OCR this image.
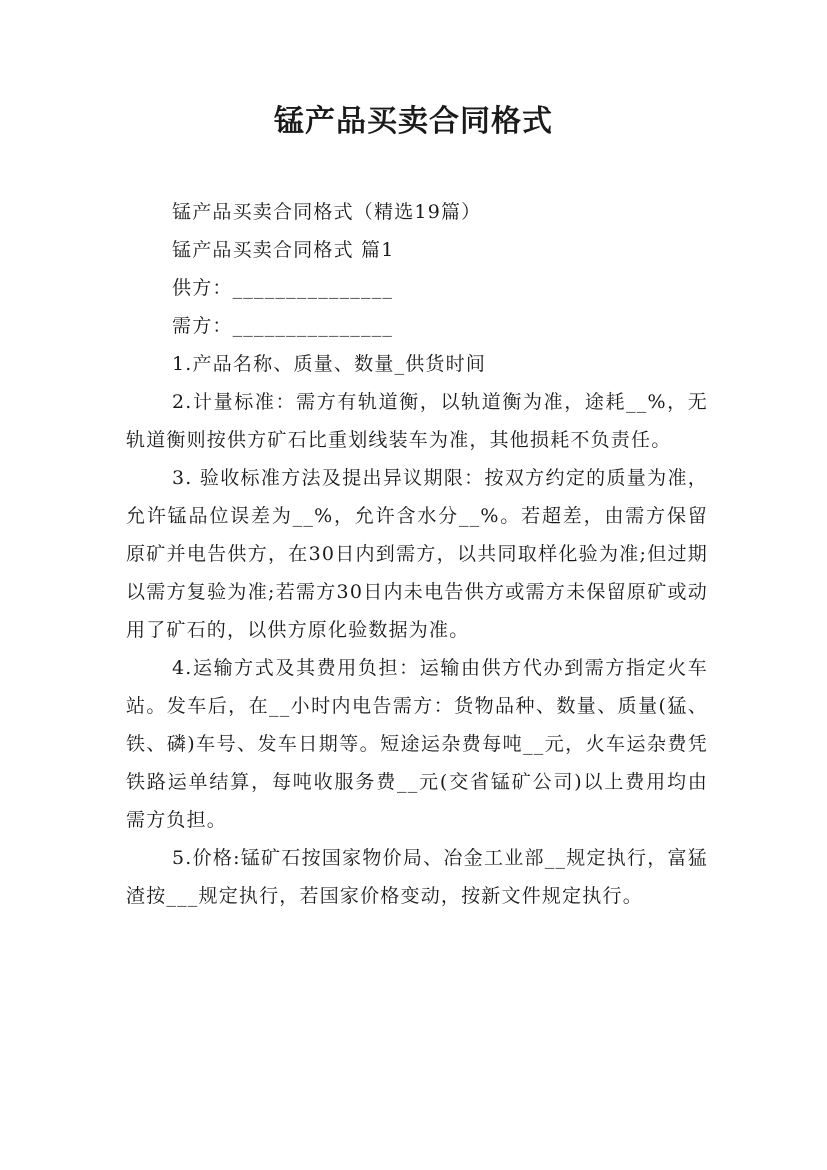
锰产品买卖合同格式

锰产品买卖合同格式（精选19篇）

锰产品买卖合同格式 篇1

供方：_______________

需方：_______________

1.产品名称、质量、数量_供货时间

2.计量标准：需方有轨道衡，以轨道衡为准，途耗__%，无轨道衡则按供方矿石比重划线装车为准，其他损耗不负责任。

3. 验收标准方法及提出异议期限：按双方约定的质量为准，允许锰品位误差为__%，允许含水分__%。若超差，由需方保留原矿并电告供方，在30日内到需方，以共同取样化验为准;但过期以需方复验为准;若需方30日内未电告供方或需方未保留原矿或动用了矿石的，以供方原化验数据为准。

4.运输方式及其费用负担：运输由供方代办到需方指定火车站。发车后，在__小时内电告需方：货物品种、数量、质量(猛、铁、磷)车号、发车日期等。短途运杂费每吨__元，火车运杂费凭铁路运单结算，每吨收服务费__元(交省锰矿公司)以上费用均由需方负担。

5.价格:锰矿石按国家物价局、冶金工业部__规定执行，富猛渣按___规定执行，若国家价格变动，按新文件规定执行。
